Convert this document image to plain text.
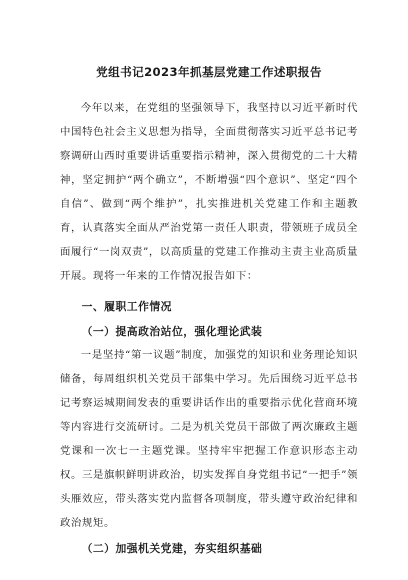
党组书记2023年抓基层党建工作述职报告

今年以来，在党组的坚强领导下，我坚持以习近平新时代中国特色社会主义思想为指导，全面贯彻落实习近平总书记考察调研山西时重要讲话重要指示精神，深入贯彻党的二十大精神，坚定拥护“两个确立”，不断增强“四个意识”、坚定“四个自信”、做到“两个维护”，扎实推进机关党建工作和主题教育，认真落实全面从严治党第一责任人职责，带领班子成员全面履行“一岗双责”，以高质量的党建工作推动主责主业高质量开展。现将一年来的工作情况报告如下：

一、履职工作情况

（一）提高政治站位，强化理论武装

一是坚持“第一议题”制度，加强党的知识和业务理论知识储备，每周组织机关党员干部集中学习。先后围绕习近平总书记考察运城期间发表的重要讲话作出的重要指示优化营商环境等内容进行交流研讨。二是为机关党员干部做了两次廉政主题党课和一次七一主题党课。坚持牢牢把握工作意识形态主动权。三是旗帜鲜明讲政治，切实发挥自身党组书记“一把手”领头雁效应，带头落实党内监督各项制度，带头遵守政治纪律和政治规矩。

（二）加强机关党建，夯实组织基础
